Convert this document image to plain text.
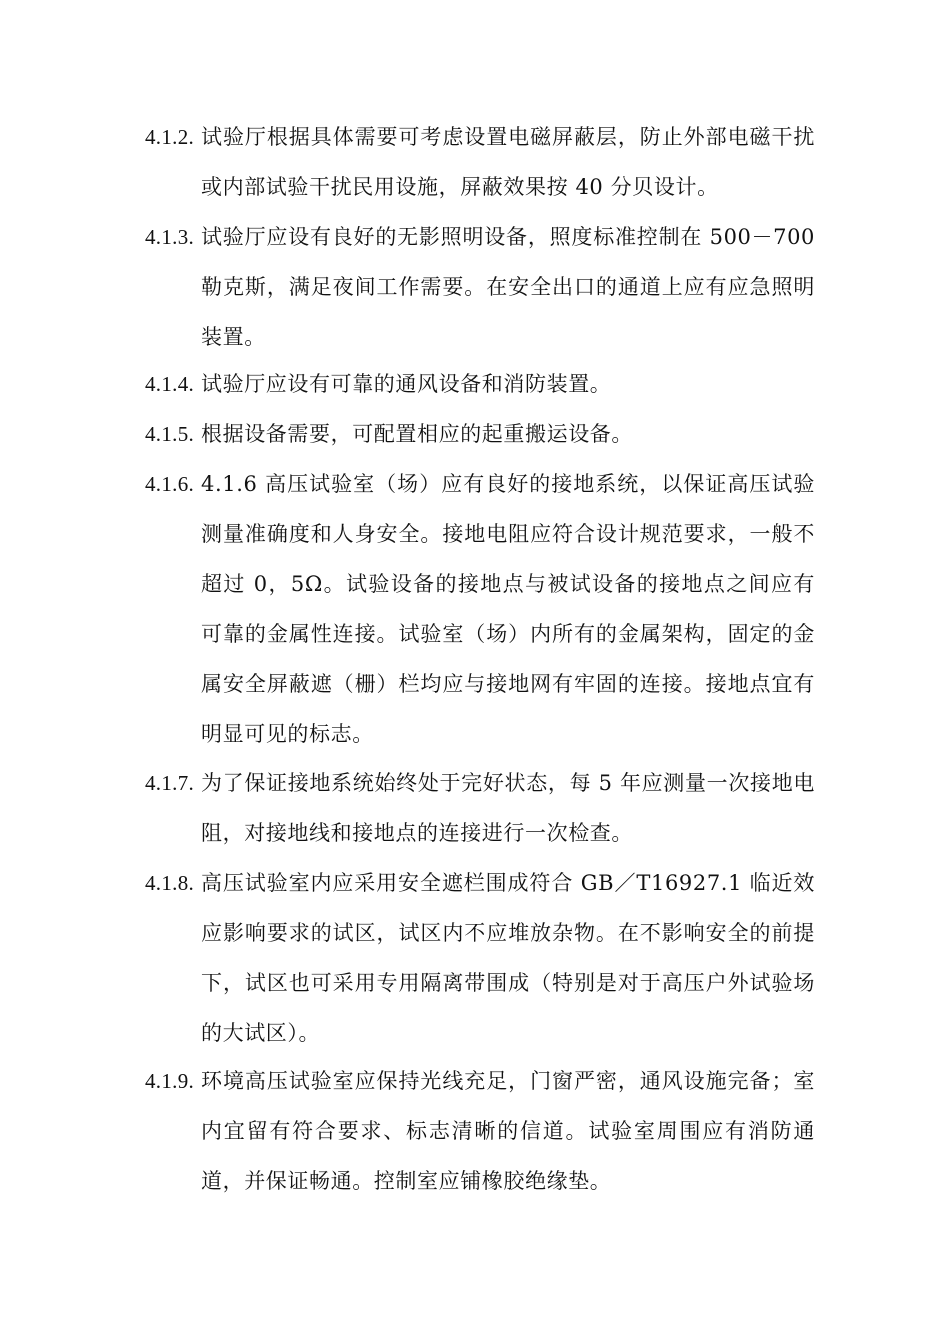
4.1.2. 试验厅根据具体需要可考虑设置电磁屏蔽层，防止外部电磁干扰或内部试验干扰民用设施，屏蔽效果按 40 分贝设计。
4.1.3. 试验厅应设有良好的无影照明设备，照度标准控制在 500－700 勒克斯，满足夜间工作需要。在安全出口的通道上应有应急照明装置。
4.1.4. 试验厅应设有可靠的通风设备和消防装置。
4.1.5. 根据设备需要，可配置相应的起重搬运设备。
4.1.6. 4.1.6 高压试验室（场）应有良好的接地系统，以保证高压试验测量准确度和人身安全。接地电阻应符合设计规范要求，一般不超过 0，5Ω。试验设备的接地点与被试设备的接地点之间应有可靠的金属性连接。试验室（场）内所有的金属架构，固定的金属安全屏蔽遮（栅）栏均应与接地网有牢固的连接。接地点宜有明显可见的标志。
4.1.7. 为了保证接地系统始终处于完好状态，每 5 年应测量一次接地电阻，对接地线和接地点的连接进行一次检查。
4.1.8. 高压试验室内应采用安全遮栏围成符合 GB／T16927.1 临近效应影响要求的试区，试区内不应堆放杂物。在不影响安全的前提下，试区也可采用专用隔离带围成（特别是对于高压户外试验场的大试区）。
4.1.9. 环境高压试验室应保持光线充足，门窗严密，通风设施完备；室内宜留有符合要求、标志清晰的信道。试验室周围应有消防通道，并保证畅通。控制室应铺橡胶绝缘垫。
